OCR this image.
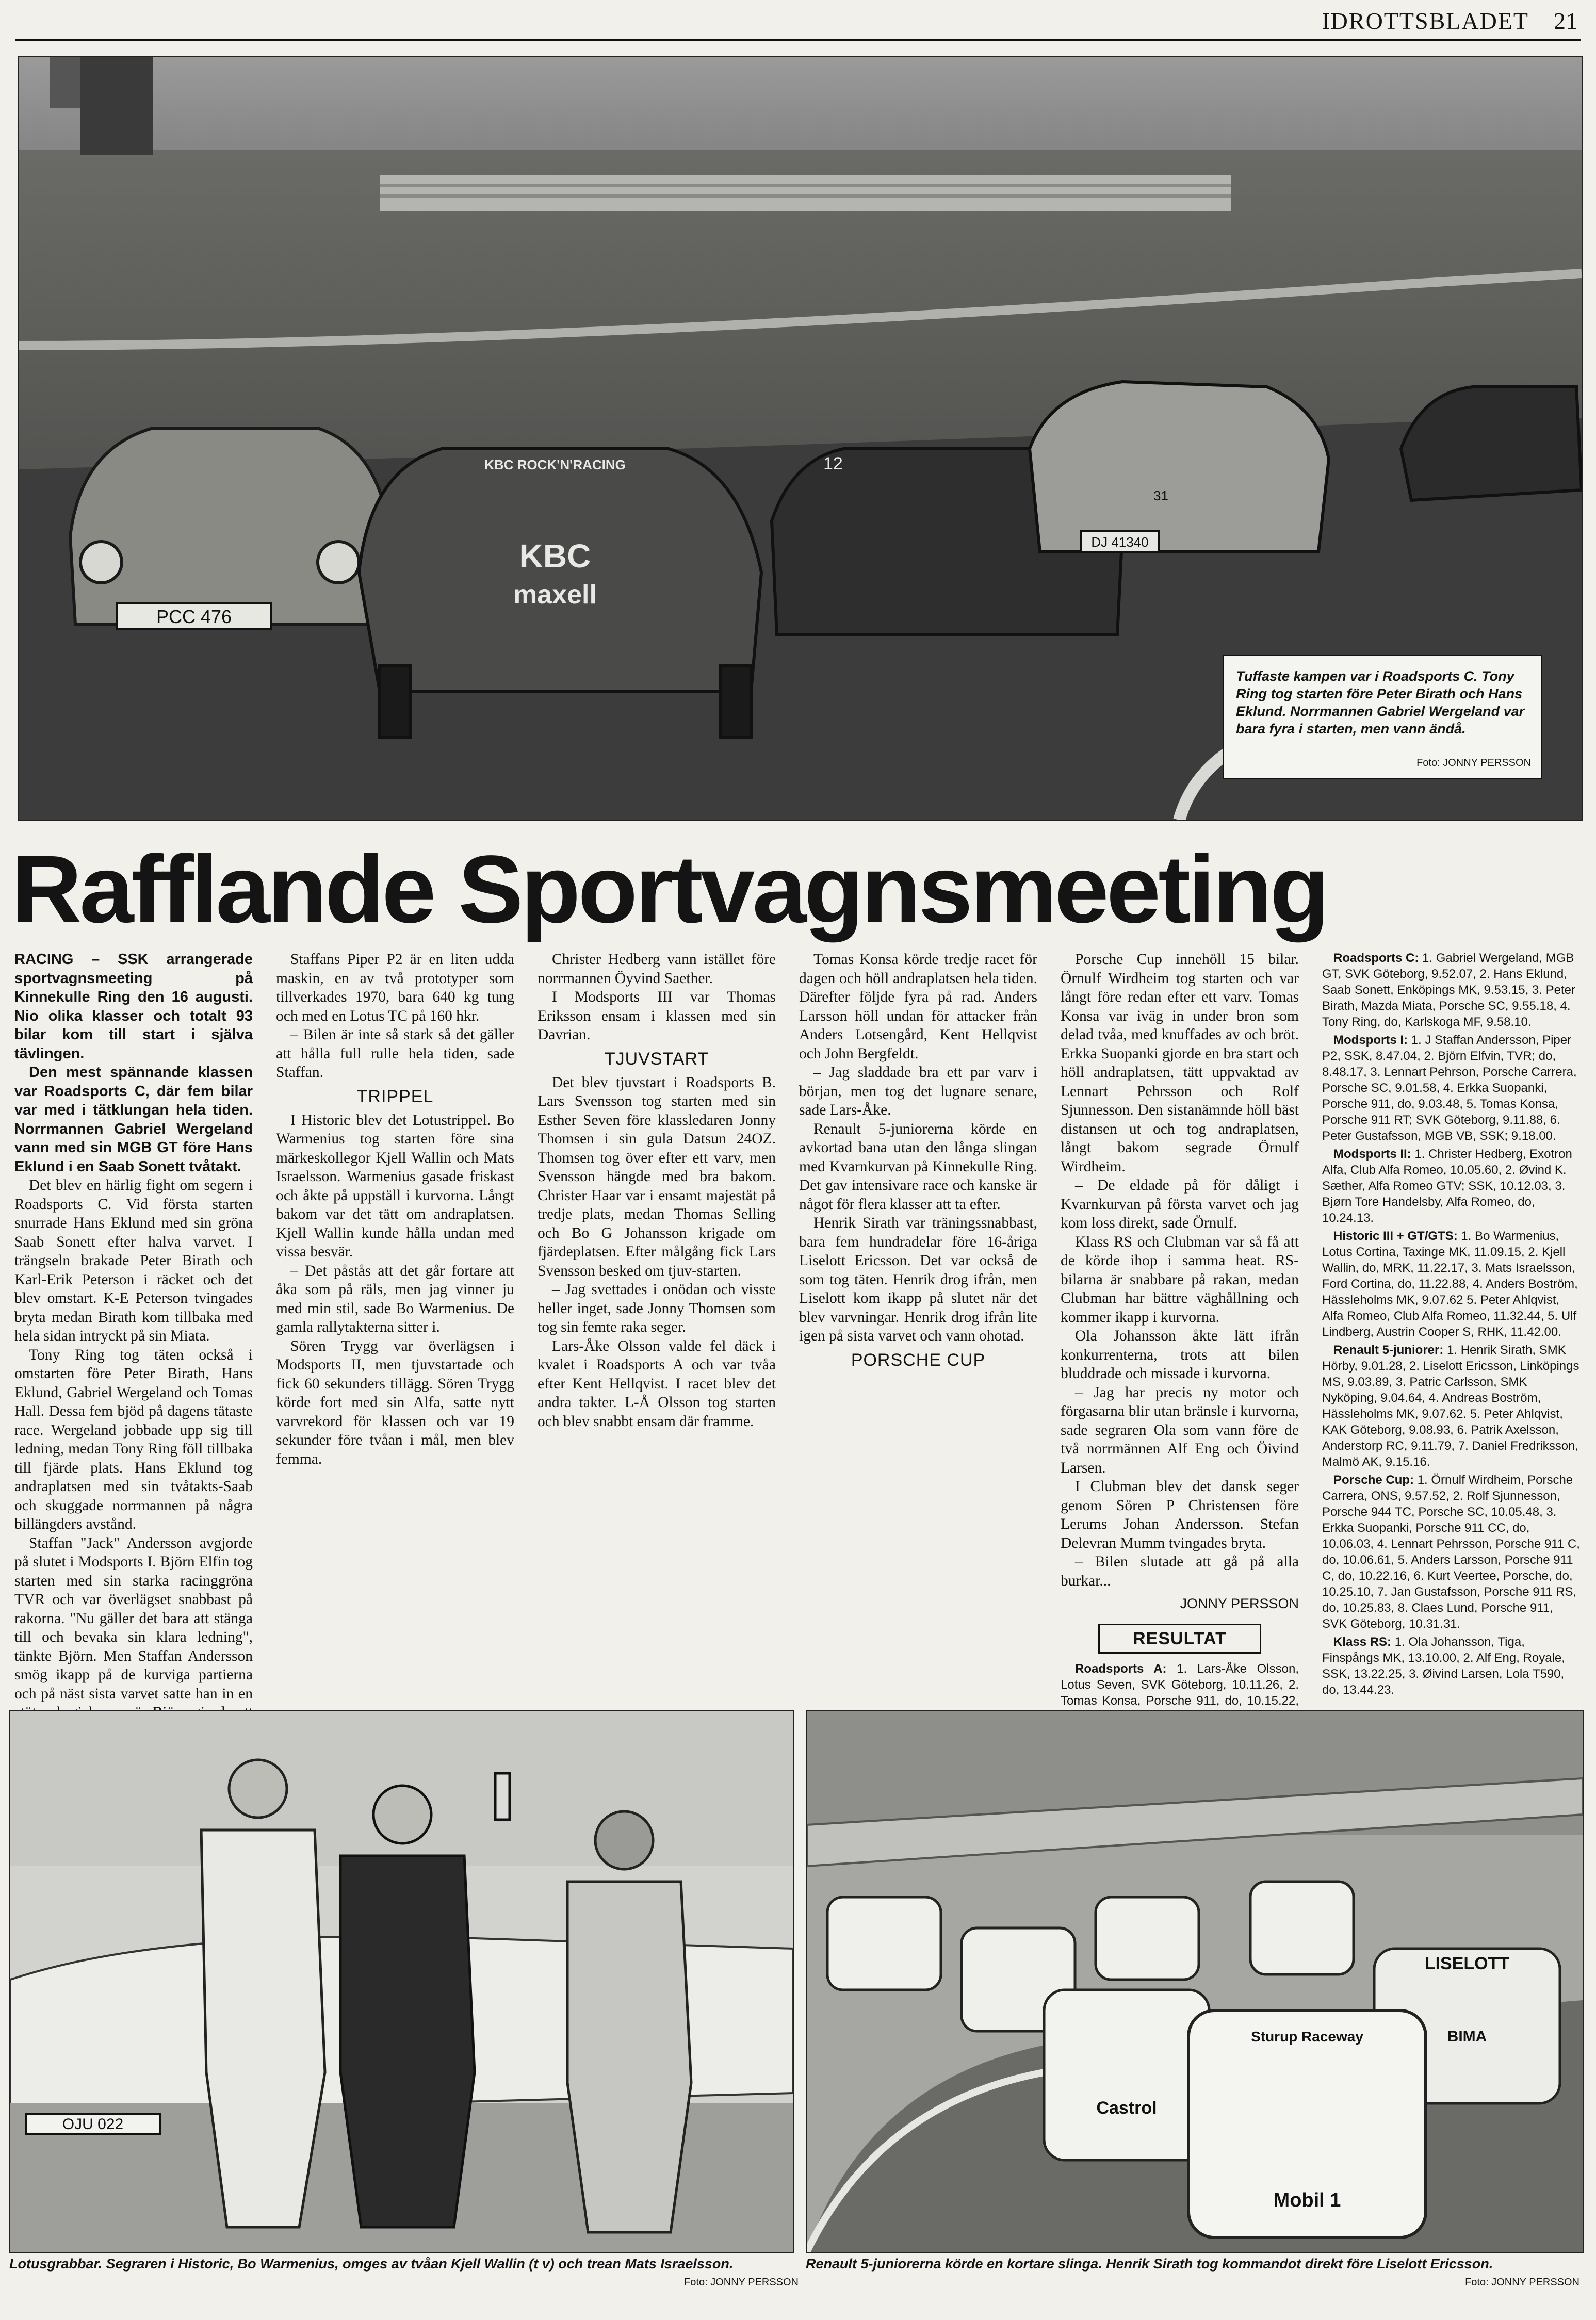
IDROTTSBLADET 21
PCC 476
KBC
maxell
KBC ROCK'N'RACING	12
31
DJ 41340
Tuffaste kampen var i Roadsports C. Tony Ring tog starten före Peter Birath och Hans Eklund. Norrmannen Gabriel Wergeland var bara fyra i starten, men vann ändå.
Foto: JONNY PERSSON
Rafflande Sportvagnsmeeting

RACING – SSK arrangerade sportvagnsmeeting på Kinnekulle Ring den 16 augusti. Nio olika klasser och totalt 93 bilar kom till start i själva tävlingen.

Den mest spännande klassen var Roadsports C, där fem bilar var med i tätklungan hela tiden. Norrmannen Gabriel Wergeland vann med sin MGB GT före Hans Eklund i en Saab Sonett tvåtakt.

Det blev en härlig fight om segern i Roadsports C. Vid första starten snurrade Hans Eklund med sin gröna Saab Sonett efter halva varvet. I trängseln brakade Peter Birath och Karl-Erik Peterson i räcket och det blev omstart. K-E Peterson tvingades bryta medan Birath kom tillbaka med hela sidan intryckt på sin Miata.

Tony Ring tog täten också i omstarten före Peter Birath, Hans Eklund, Gabriel Wergeland och Tomas Hall. Dessa fem bjöd på dagens tätaste race. Wergeland jobbade upp sig till ledning, medan Tony Ring föll tillbaka till fjärde plats. Hans Eklund tog andraplatsen med sin tvåtakts-Saab och skuggade norrmannen på några billängders avstånd.

Staffan "Jack" Andersson avgjorde på slutet i Modsports I. Björn Elfin tog starten med sin starka racinggröna TVR och var överlägset snabbast på rakorna. "Nu gäller det bara att stänga till och bevaka sin klara ledning", tänkte Björn. Men Staffan Andersson smög ikapp på de kurviga partierna och på näst sista varvet satte han in en

Staffans Piper P2 är en liten udda maskin, en av två prototyper som tillverkades 1970, bara 640 kg tung och med en Lotus TC på 160 hkr.

– Bilen är inte så stark så det gäller att hålla full rulle hela tiden, sade Staffan.

TRIPPEL

I Historic blev det Lotustrippel. Bo Warmenius tog starten före sina märkeskollegor Kjell Wallin och Mats Israelsson. Warmenius gasade friskast och åkte på uppställ i kurvorna. Långt bakom var det tätt om andraplatsen. Kjell Wallin kunde hålla undan med vissa besvär.

– Det påstås att det går fortare att åka som på räls, men jag vinner ju med min stil, sade Bo Warmenius. De gamla rallytakterna sitter i.

Sören Trygg var överlägsen i Modsports II, men tjuvstartade och fick 60 sekunders tillägg. Sören Trygg körde fort med sin Alfa, satte nytt varvrekord för klassen och var 19 sekunder före tvåan i mål, men blev femma.

Christer Hedberg vann istället före norrmannen Öyvind Saether.

I Modsports III var Thomas Eriksson ensam i klassen med sin Davrian.

TJUVSTART

Det blev tjuvstart i Roadsports B. Lars Svensson tog starten med sin Esther Seven före klassledaren Jonny Thomsen i sin gula Datsun 24OZ. Thomsen tog över efter ett varv, men Svensson hängde med bra bakom. Christer Haar var i ensamt majestät på tredje plats, medan Thomas Selling och Bo G Johansson krigade om fjärdeplatsen. Efter målgång fick Lars Svensson besked om tjuv-starten.

– Jag svettades i onödan och visste heller inget, sade Jonny Thomsen som tog sin femte raka seger.

Lars-Åke Olsson valde fel däck i kvalet i Roadsports A och var tvåa efter Kent Hellqvist. I racet blev det andra takter. L-Å Olsson tog starten och blev snabbt ensam där framme.

Tomas Konsa körde tredje racet för dagen och höll andraplatsen hela tiden. Därefter följde fyra på rad. Anders Larsson höll undan för attacker från Anders Lotsengård, Kent Hellqvist och John Bergfeldt.

– Jag sladdade bra ett par varv i början, men tog det lugnare senare, sade Lars-Åke.

Renault 5-juniorerna körde en avkortad bana utan den långa slingan med Kvarnkurvan på Kinnekulle Ring. Det gav intensivare race och kanske är något för flera klasser att ta efter.

Henrik Sirath var träningssnabbast, bara fem hundradelar före 16-åriga Liselott Ericsson. Det var också de som tog täten. Henrik drog ifrån, men Liselott kom ikapp på slutet när det blev varvningar. Henrik drog ifrån lite igen på sista varvet och vann ohotad.

PORSCHE CUP

Porsche Cup innehöll 15 bilar. Örnulf Wirdheim tog starten och var långt före redan efter ett varv. Tomas Konsa var iväg in under bron som delad tvåa, med knuffades av och bröt. Erkka Suopanki gjorde en bra start och höll andraplatsen, tätt uppvaktad av Lennart Pehrsson och Rolf Sjunnesson. Den sistanämnde höll bäst distansen ut och tog andraplatsen, långt bakom segrade Örnulf Wirdheim.

– De eldade på för dåligt i Kvarnkurvan på första varvet och jag kom loss direkt, sade Örnulf.

Klass RS och Clubman var så få att de körde ihop i samma heat. RS-bilarna är snabbare på rakan, medan Clubman har bättre väghållning och kommer ikapp i kurvorna.

Ola Johansson åkte lätt ifrån konkurrenterna, trots att bilen bluddrade och missade i kurvorna.

– Jag har precis ny motor och förgasarna blir utan bränsle i kurvorna, sade segraren Ola som vann före de två norrmännen Alf Eng och Öivind Larsen.

I Clubman blev det dansk seger genom Sören P Christensen före Lerums Johan Andersson. Stefan Delevran Mumm tvingades bryta.

– Bilen slutade att gå på alla burkar...

JONNY PERSSON

RESULTAT

Roadsports A: 1. Lars-Åke Olsson, Lotus Seven, SVK Göteborg, 10.11.26, 2. Tomas Konsa, Porsche 911, do, 10.15.22,

Roadsports C: 1. Gabriel Wergeland, MGB GT, SVK Göteborg, 9.52.07, 2. Hans Eklund, Saab Sonett, Enköpings MK, 9.53.15, 3. Peter Birath, Mazda Miata, Porsche SC, 9.55.18, 4. Tony Ring, do, Karlskoga MF, 9.58.10.

Modsports I: 1. J Staffan Andersson, Piper P2, SSK, 8.47.04, 2. Björn Elfvin, TVR; do, 8.48.17, 3. Lennart Pehrson, Porsche Carrera, Porsche SC, 9.01.58, 4. Erkka Suopanki, Porsche 911, do, 9.03.48, 5. Tomas Konsa, Porsche 911 RT; SVK Göteborg, 9.11.88, 6. Peter Gustafsson, MGB VB, SSK; 9.18.00.

Modsports II: 1. Christer Hedberg, Exotron Alfa, Club Alfa Romeo, 10.05.60, 2. Øvind K. Sæther, Alfa Romeo GTV; SSK, 10.12.03, 3. Bjørn Tore Handelsby, Alfa Romeo, do, 10.24.13.

Historic III + GT/GTS: 1. Bo Warmenius, Lotus Cortina, Taxinge MK, 11.09.15, 2. Kjell Wallin, do, MRK, 11.22.17, 3. Mats Israelsson, Ford Cortina, do, 11.22.88, 4. Anders Boström, Hässleholms MK, 9.07.62 5. Peter Ahlqvist, Alfa Romeo, Club Alfa Romeo, 11.32.44, 5. Ulf Lindberg, Austrin Cooper S, RHK, 11.42.00.

Renault 5-juniorer: 1. Henrik Sirath, SMK Hörby, 9.01.28, 2. Liselott Ericsson, Linköpings MS, 9.03.89, 3. Patric Carlsson, SMK Nyköping, 9.04.64, 4. Andreas Boström, Hässleholms MK, 9.07.62. 5. Peter Ahlqvist, KAK Göteborg, 9.08.93, 6. Patrik Axelsson, Anderstorp RC, 9.11.79, 7. Daniel Fredriksson, Malmö AK, 9.15.16.

Porsche Cup: 1. Örnulf Wirdheim, Porsche Carrera, ONS, 9.57.52, 2. Rolf Sjunnesson, Porsche 944 TC, Porsche SC, 10.05.48, 3. Erkka Suopanki, Porsche 911 CC, do, 10.06.03, 4. Lennart Pehrsson, Porsche 911 C, do, 10.06.61, 5. Anders Larsson, Porsche 911 C, do, 10.22.16, 6. Kurt Veertee, Porsche, do, 10.25.10, 7. Jan Gustafsson, Porsche 911 RS, do, 10.25.83, 8. Claes Lund, Porsche 911, SVK Göteborg, 10.31.31.

Klass RS: 1. Ola Johansson, Tiga, Finspångs MK, 13.10.00, 2. Alf Eng, Royale, SSK, 13.22.25, 3. Øivind Larsen, Lola T590, do, 13.44.23.

OJU 022
Lotusgrabbar. Segraren i Historic, Bo Warmenius, omges av tvåan Kjell Wallin (t v) och trean Mats Israelsson.
Foto: JONNY PERSSON
LISELOTT
BIMA
Castrol
Sturup Raceway
Mobil 1
Renault 5-juniorerna körde en kortare slinga. Henrik Sirath tog kommandot direkt före Liselott Ericsson.
Foto: JONNY PERSSON
